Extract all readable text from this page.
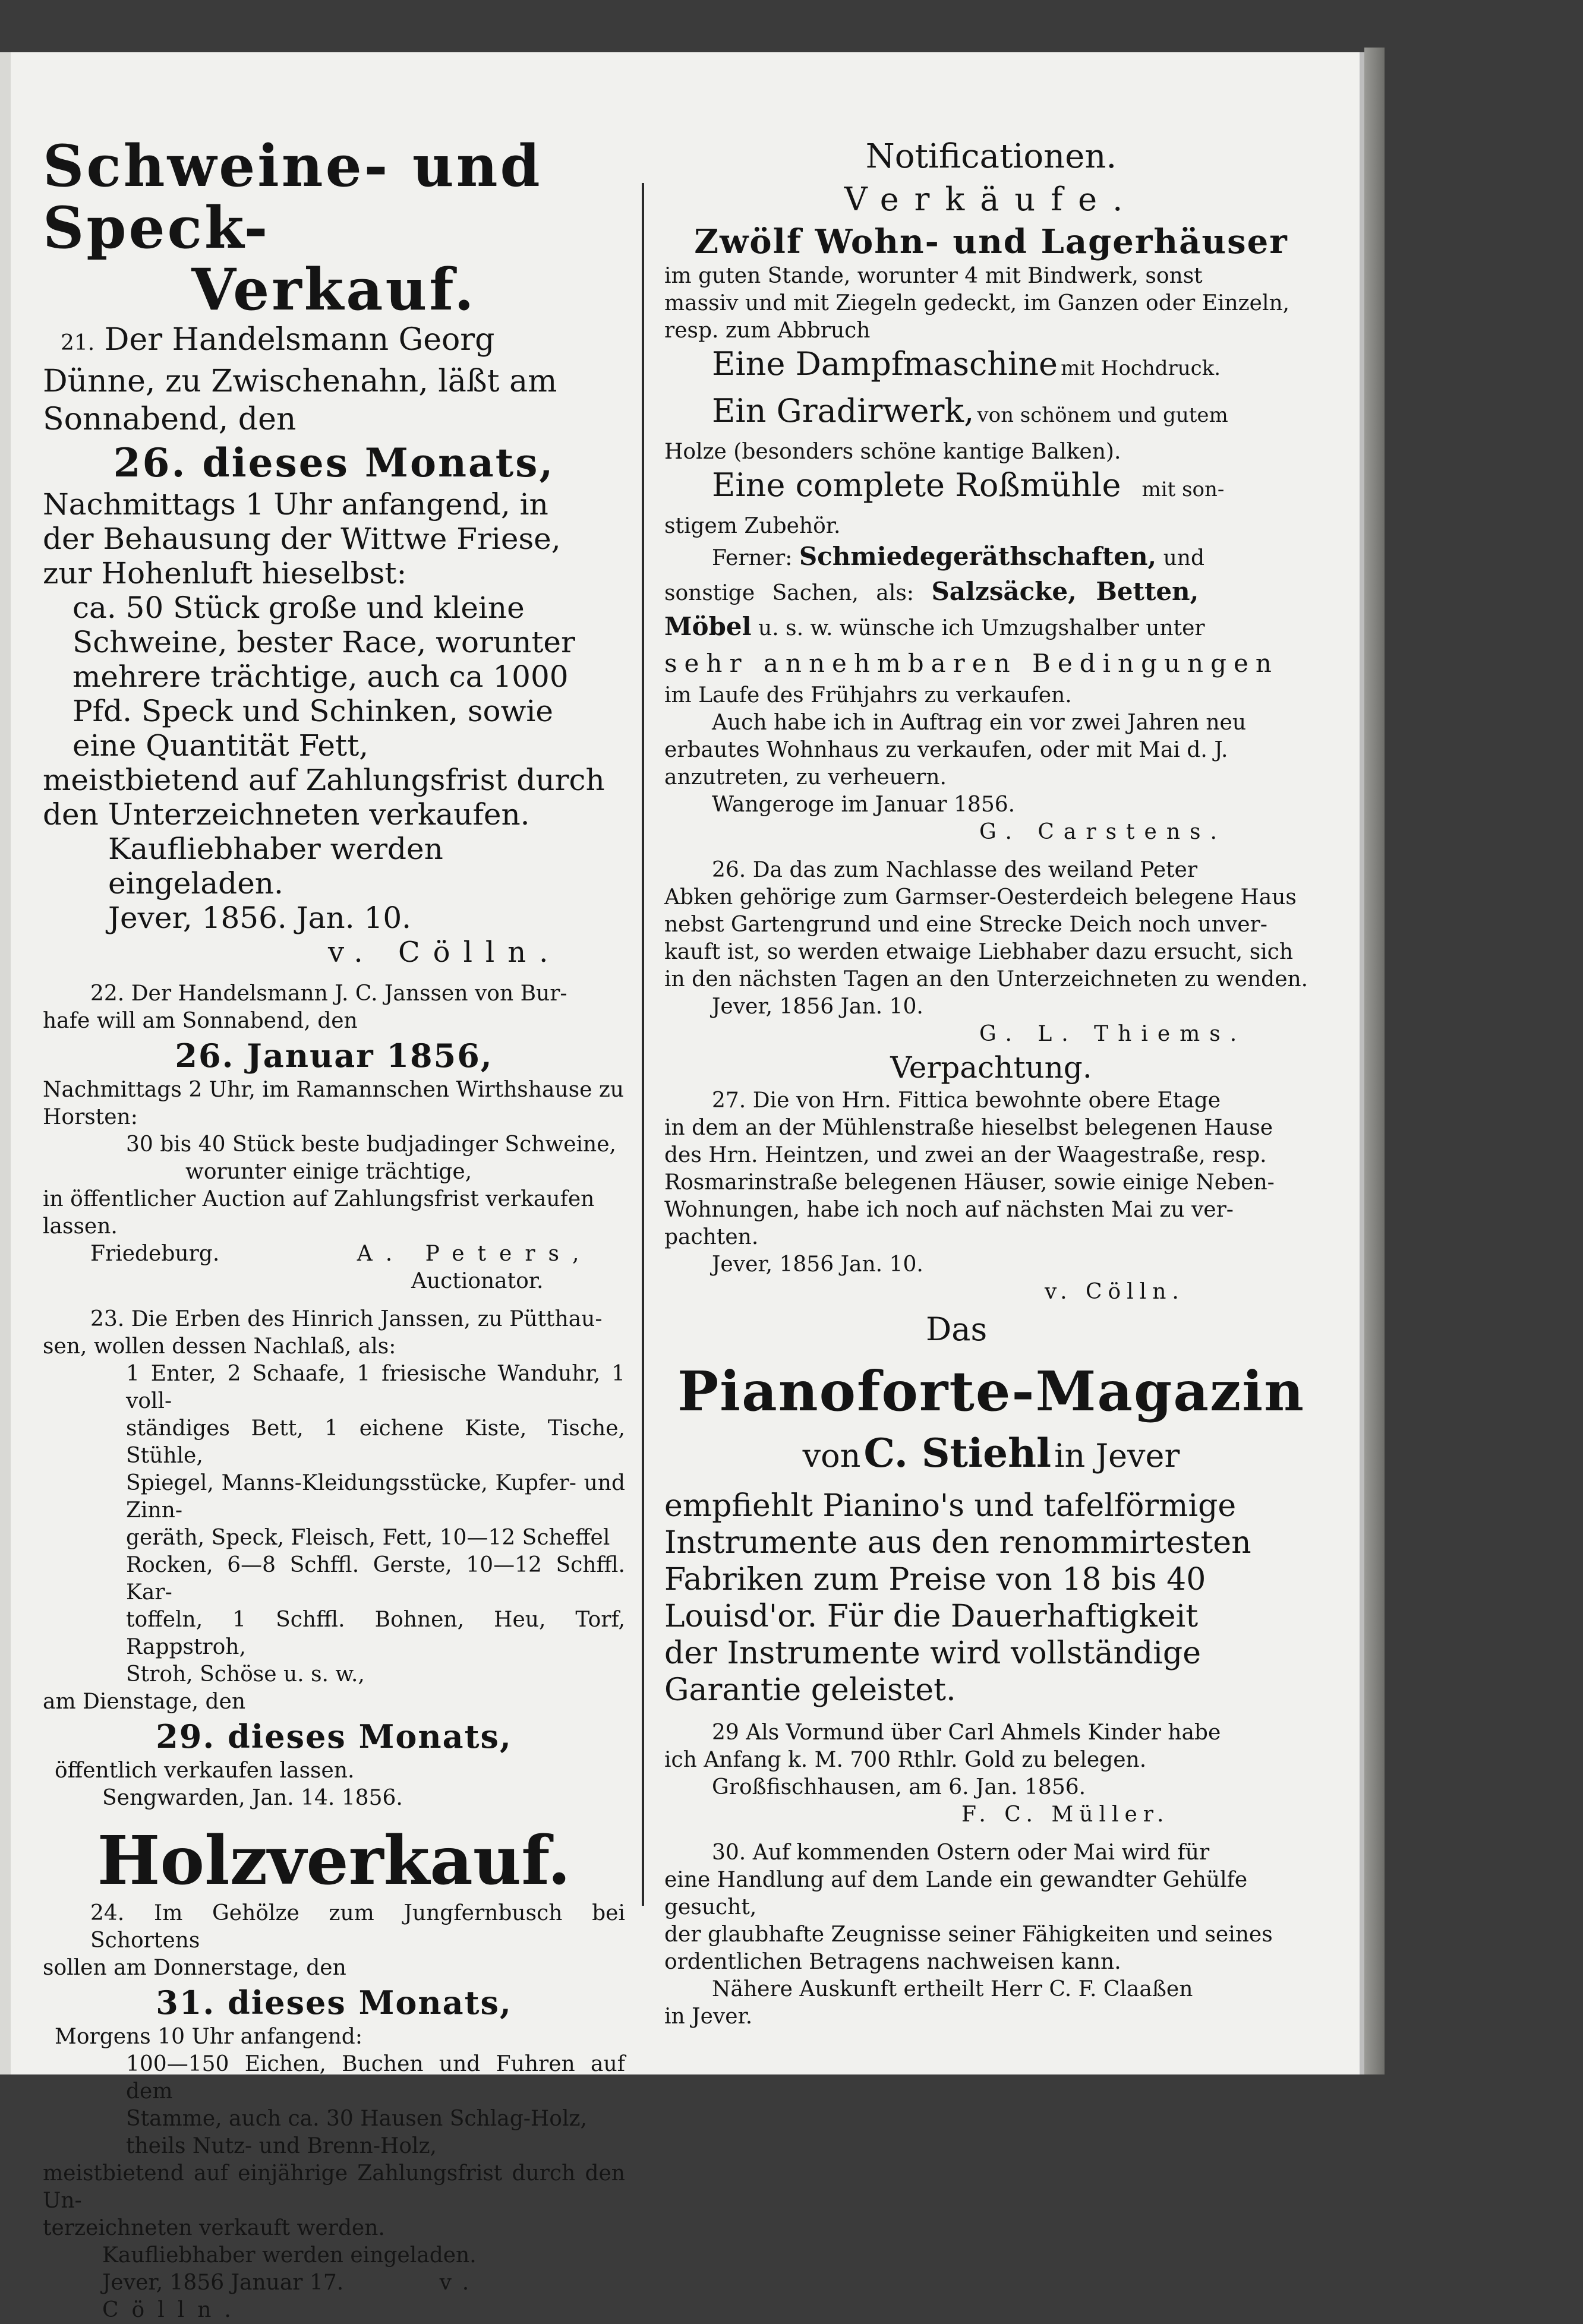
Schweine- und Speck-

Verkauf.

21. Der Handelsmann Georg

Dünne, zu Zwischenahn, läßt am

Sonnabend, den

26. dieses Monats,

Nachmittags 1 Uhr anfangend, in

der Behausung der Wittwe Friese,

zur Hohenluft hieselbst:

ca. 50 Stück große und kleine

Schweine, bester Race, worunter

mehrere trächtige, auch ca 1000

Pfd. Speck und Schinken, sowie

eine Quantität Fett,

meistbietend auf Zahlungsfrist durch

den Unterzeichneten verkaufen.

Kaufliebhaber werden eingeladen.

Jever, 1856. Jan. 10.

v. Cölln.

22. Der Handelsmann J. C. Janssen von Bur-

hafe will am Sonnabend, den

26. Januar 1856,

Nachmittags 2 Uhr, im Ramannschen Wirthshause zu

Horsten:

30 bis 40 Stück beste budjadinger Schweine,

worunter einige trächtige,

in öffentlicher Auction auf Zahlungsfrist verkaufen lassen.

Friedeburg.	A. Peters,

Auctionator.

23. Die Erben des Hinrich Janssen, zu Pütthau-

sen, wollen dessen Nachlaß, als:

1 Enter, 2 Schaafe, 1 friesische Wanduhr, 1 voll-

ständiges Bett, 1 eichene Kiste, Tische, Stühle,

Spiegel, Manns-Kleidungsstücke, Kupfer- und Zinn-

geräth, Speck, Fleisch, Fett, 10—12 Scheffel

Rocken, 6—8 Schffl. Gerste, 10—12 Schffl. Kar-

toffeln, 1 Schffl. Bohnen, Heu, Torf, Rappstroh,

Stroh, Schöse u. s. w.,

am Dienstage, den

29. dieses Monats,

öffentlich verkaufen lassen.

Sengwarden, Jan. 14. 1856.

Holzverkauf.

24. Im Gehölze zum Jungfernbusch bei Schortens

sollen am Donnerstage, den

31. dieses Monats,

Morgens 10 Uhr anfangend:

100—150 Eichen, Buchen und Fuhren auf dem

Stamme, auch ca. 30 Hausen Schlag-Holz,

theils Nutz- und Brenn-Holz,

meistbietend auf einjährige Zahlungsfrist durch den Un-

terzeichneten verkauft werden.

Kaufliebhaber werden eingeladen.

Jever, 1856 Januar 17.	v. Cölln.

Notificationen.

Verkäufe.

Zwölf Wohn- und Lagerhäuser

im guten Stande, worunter 4 mit Bindwerk, sonst

massiv und mit Ziegeln gedeckt, im Ganzen oder Einzeln,

resp. zum Abbruch

Eine Dampfmaschine mit Hochdruck.

Ein Gradirwerk, von schönem und gutem

Holze (besonders schöne kantige Balken).

Eine complete Roßmühle mit son-

stigem Zubehör.

Ferner: Schmiedegeräthschaften, und

sonstige Sachen, als: Salzsäcke, Betten,

Möbel u. s. w. wünsche ich Umzugshalber unter

sehr annehmbaren Bedingungen

im Laufe des Frühjahrs zu verkaufen.

Auch habe ich in Auftrag ein vor zwei Jahren neu

erbautes Wohnhaus zu verkaufen, oder mit Mai d. J.

anzutreten, zu verheuern.

Wangeroge im Januar 1856.

G. Carstens.

26. Da das zum Nachlasse des weiland Peter

Abken gehörige zum Garmser-Oesterdeich belegene Haus

nebst Gartengrund und eine Strecke Deich noch unver-

kauft ist, so werden etwaige Liebhaber dazu ersucht, sich

in den nächsten Tagen an den Unterzeichneten zu wenden.

Jever, 1856 Jan. 10.

G. L. Thiems.

Verpachtung.

27. Die von Hrn. Fittica bewohnte obere Etage

in dem an der Mühlenstraße hieselbst belegenen Hause

des Hrn. Heintzen, und zwei an der Waagestraße, resp.

Rosmarinstraße belegenen Häuser, sowie einige Neben-

Wohnungen, habe ich noch auf nächsten Mai zu ver-

pachten.

Jever, 1856 Jan. 10.

v. Cölln.

Das

Pianoforte-Magazin

von C. Stiehl in Jever

empfiehlt Pianino's und tafelförmige

Instrumente aus den renommirtesten

Fabriken zum Preise von 18 bis 40

Louisd'or. Für die Dauerhaftigkeit

der Instrumente wird vollständige

Garantie geleistet.

29 Als Vormund über Carl Ahmels Kinder habe

ich Anfang k. M. 700 Rthlr. Gold zu belegen.

Großfischhausen, am 6. Jan. 1856.

F. C. Müller.

30. Auf kommenden Ostern oder Mai wird für

eine Handlung auf dem Lande ein gewandter Gehülfe gesucht,

der glaubhafte Zeugnisse seiner Fähigkeiten und seines

ordentlichen Betragens nachweisen kann.

Nähere Auskunft ertheilt Herr C. F. Claaßen

in Jever.
